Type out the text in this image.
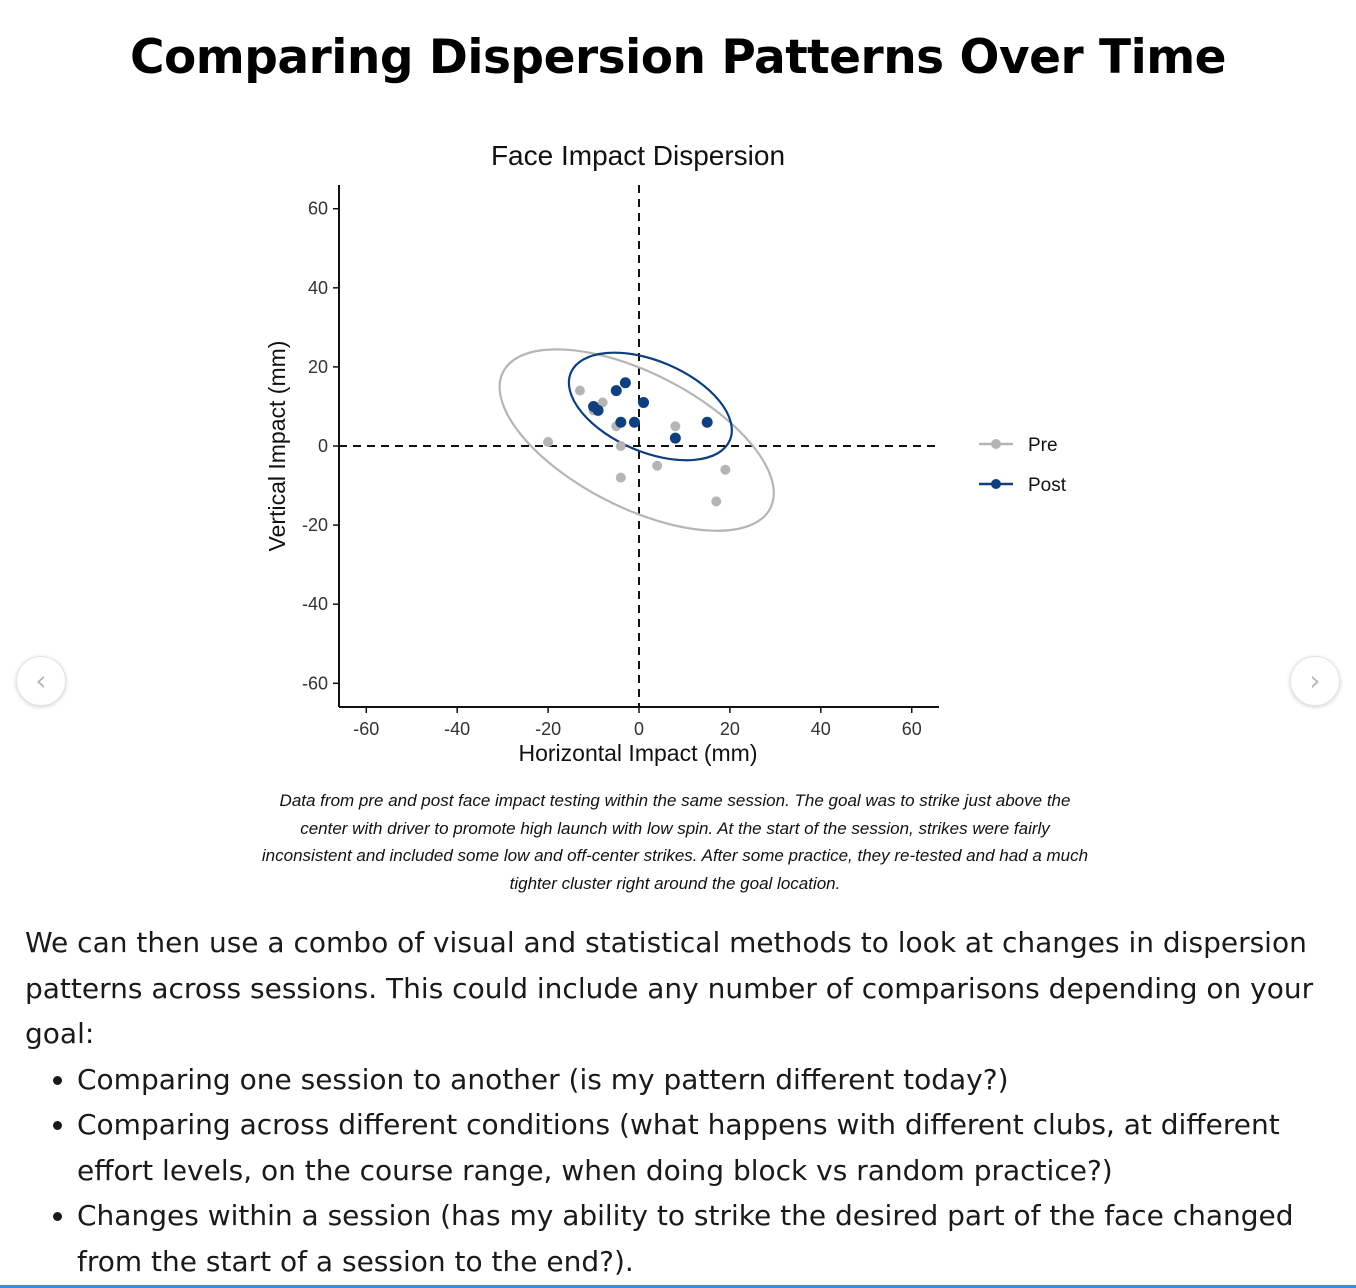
Comparing Dispersion Patterns Over Time
Face Impact Dispersion
-60	-40	-20	0	20	40	60
-60
-40
-20
0
20
40
60
Horizontal Impact (mm)
Vertical Impact (mm)	Pre
Post
Data from pre and post face impact testing within the same session. The goal was to strike just above the center with driver to promote high launch with low spin. At the start of the session, strikes were fairly inconsistent and included some low and off-center strikes. After some practice, they re-tested and had a much tighter cluster right around the goal location.
‹	›

We can then use a combo of visual and statistical methods to look at changes in dispersion patterns across sessions. This could include any number of comparisons depending on your goal:

• Comparing one session to another (is my pattern different today?)
• Comparing across different conditions (what happens with different clubs, at different effort levels, on the course range, when doing block vs random practice?)
• Changes within a session (has my ability to strike the desired part of the face changed from the start of a session to the end?).
